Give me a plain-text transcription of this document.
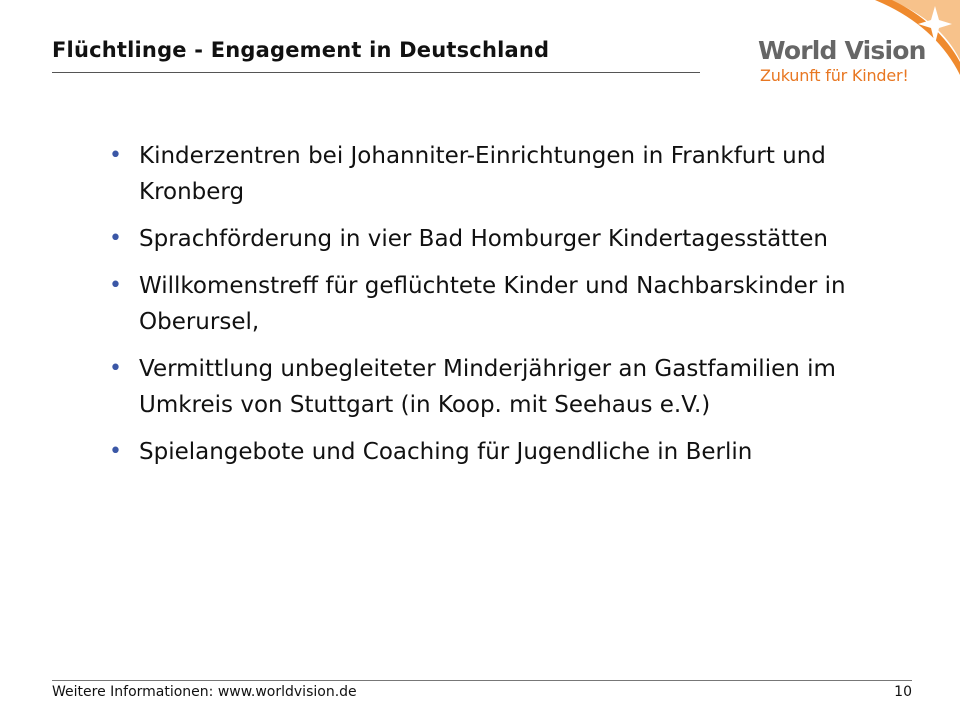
Flüchtlinge - Engagement in Deutschland	World Vision
Zukunft für Kinder!
• Kinderzentren bei Johanniter-Einrichtungen in Frankfurt und Kronberg
• Sprachförderung in vier Bad Homburger Kindertagesstätten
• Willkomenstreff für geflüchtete Kinder und Nachbarskinder in Oberursel,
• Vermittlung unbegleiteter Minderjähriger an Gastfamilien im Umkreis von Stuttgart (in Koop. mit Seehaus e.V.)
• Spielangebote und Coaching für Jugendliche in Berlin
Weitere Informationen: www.worldvision.de	10
